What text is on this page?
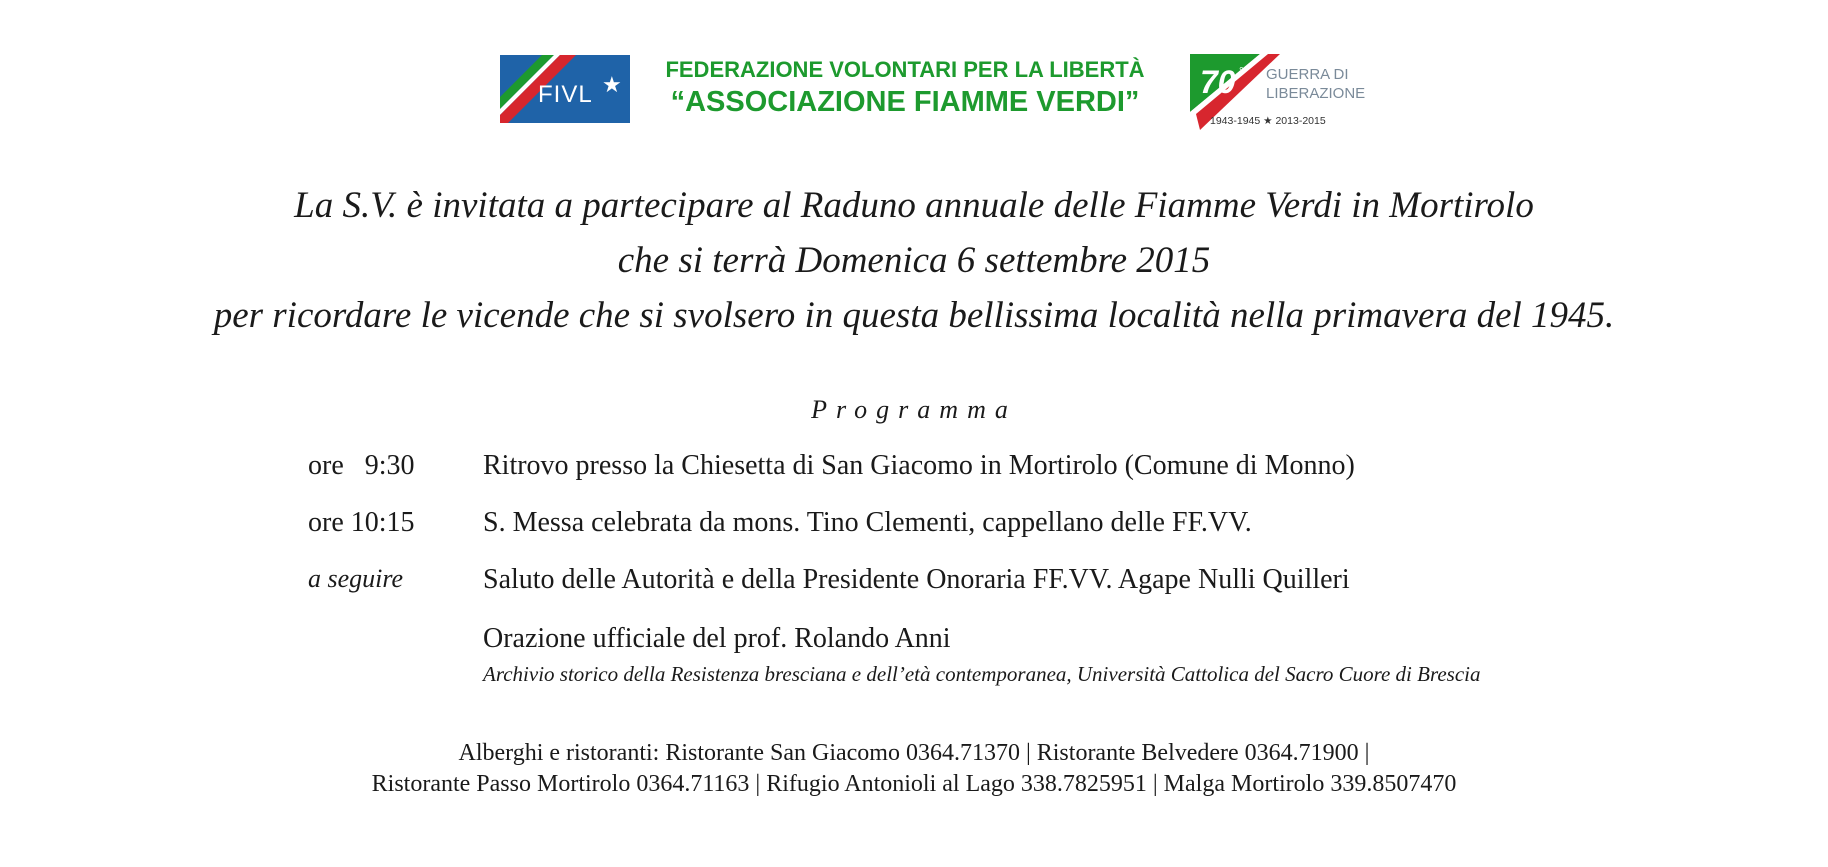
FIVL ★
FEDERAZIONE VOLONTARI PER LA LIBERTÀ
“ASSOCIAZIONE FIAMME VERDI”
70 ° GUERRA DI
LIBERAZIONE
1943-1945 ★ 2013-2015
La S.V. è invitata a partecipare al Raduno annuale delle Fiamme Verdi in Mortirolo
che si terrà Domenica 6 settembre 2015
per ricordare le vicende che si svolsero in questa bellissima località nella primavera del 1945.
Programma
ore   9:30 Ritrovo presso la Chiesetta di San Giacomo in Mortirolo (Comune di Monno)
ore 10:15 S. Messa celebrata da mons. Tino Clementi, cappellano delle FF.VV.
a seguire	Saluto delle Autorità e della Presidente Onoraria FF.VV. Agape Nulli Quilleri
Orazione ufficiale del prof. Rolando Anni
Archivio storico della Resistenza bresciana e dell’età contemporanea, Università Cattolica del Sacro Cuore di Brescia
Alberghi e ristoranti: Ristorante San Giacomo 0364.71370 | Ristorante Belvedere 0364.71900 |
Ristorante Passo Mortirolo 0364.71163 | Rifugio Antonioli al Lago 338.7825951 | Malga Mortirolo 339.8507470
